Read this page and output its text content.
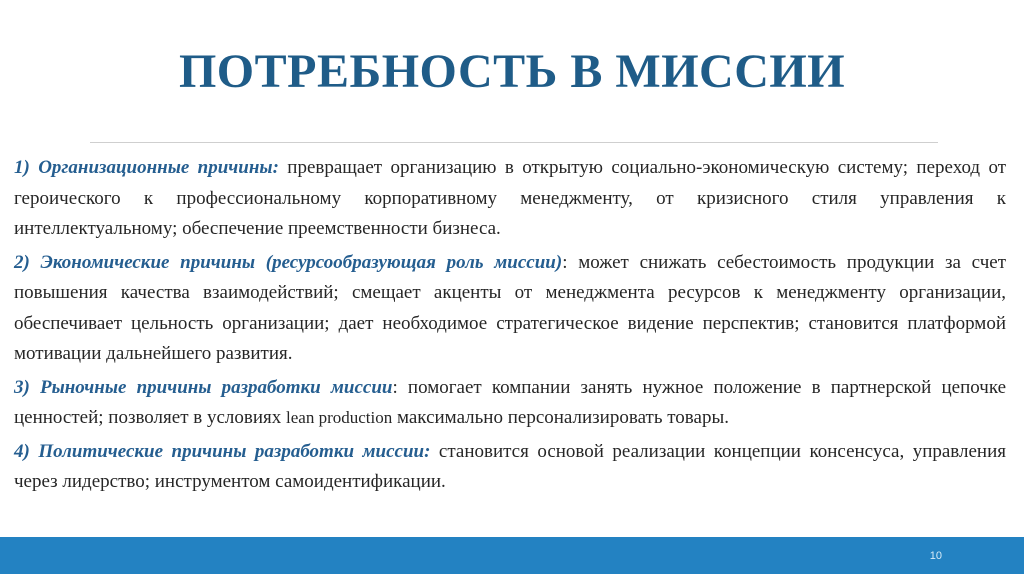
ПОТРЕБНОСТЬ В МИССИИ

1) Организационные причины: превращает организацию в открытую социально-экономическую систему; переход от героического к профессиональному корпоративному менеджменту, от кризисного стиля управления к интеллектуальному; обеспечение преемственности бизнеса.

2) Экономические причины (ресурсообразующая роль миссии): может снижать себестоимость продукции за счет повышения качества взаимодействий; смещает акценты от менеджмента ресурсов к менеджменту организации, обеспечивает цельность организации; дает необходимое стратегическое видение перспектив; становится платформой мотивации дальнейшего развития.

3) Рыночные причины разработки миссии: помогает компании занять нужное положение в партнерской цепочке ценностей; позволяет в условиях lean production максимально персонализировать товары.

4) Политические причины разработки миссии: становится основой реализации концепции консенсуса, управления через лидерство; инструментом самоидентификации.

10
